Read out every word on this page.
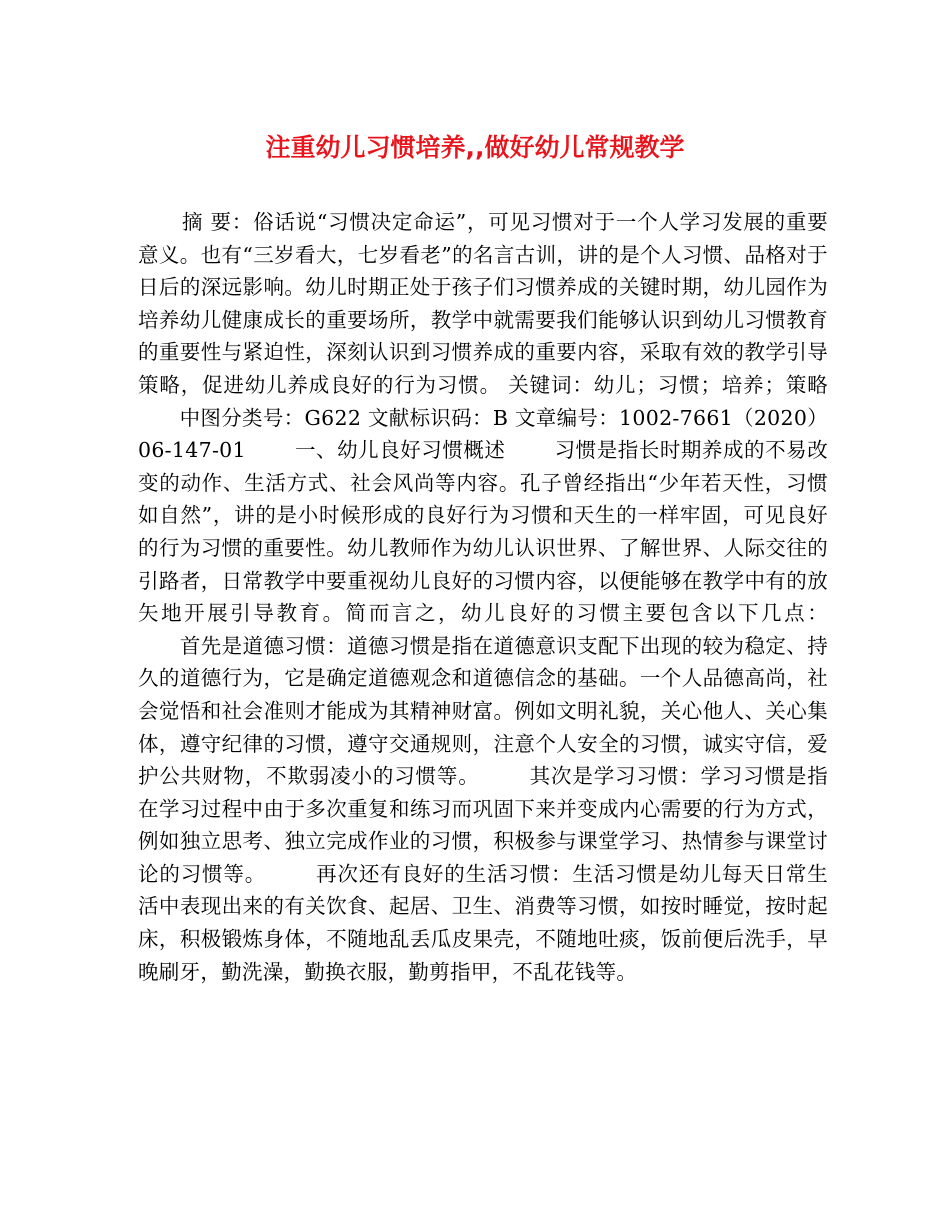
注重幼儿习惯培养,,做好幼儿常规教学

摘 要：俗话说“习惯决定命运”，可见习惯对于一个人学习发展的重要意义。也有“三岁看大，七岁看老”的名言古训，讲的是个人习惯、品格对于日后的深远影响。幼儿时期正处于孩子们习惯养成的关键时期，幼儿园作为培养幼儿健康成长的重要场所，教学中就需要我们能够认识到幼儿习惯教育的重要性与紧迫性，深刻认识到习惯养成的重要内容，采取有效的教学引导策略，促进幼儿养成良好的行为习惯。 关键词：幼儿；习惯；培养；策略 　　中图分类号：G622 文献标识码：B 文章编号：1002-7661（2020）06-147-01 　　一、幼儿良好习惯概述 　　习惯是指长时期养成的不易改变的动作、生活方式、社会风尚等内容。孔子曾经指出“少年若天性，习惯如自然”，讲的是小时候形成的良好行为习惯和天生的一样牢固，可见良好的行为习惯的重要性。幼儿教师作为幼儿认识世界、了解世界、人际交往的引路者，日常教学中要重视幼儿良好的习惯内容，以便能够在教学中有的放矢地开展引导教育。简而言之，幼儿良好的习惯主要包含以下几点： 　　首先是道德习惯：道德习惯是指在道德意识支配下出现的较为稳定、持久的道德行为，它是确定道德观念和道德信念的基础。一个人品德高尚，社会觉悟和社会准则才能成为其精神财富。例如文明礼貌，关心他人、关心集体，遵守纪律的习惯，遵守交通规则，注意个人安全的习惯，诚实守信，爱护公共财物，不欺弱凌小的习惯等。 　　其次是学习习惯：学习习惯是指在学习过程中由于多次重复和练习而巩固下来并变成内心需要的行为方式，例如独立思考、独立完成作业的习惯，积极参与课堂学习、热情参与课堂讨论的习惯等。 　　再次还有良好的生活习惯：生活习惯是幼儿每天日常生活中表现出来的有关饮食、起居、卫生、消费等习惯，如按时睡觉，按时起床，积极锻炼身体，不随地乱丢瓜皮果壳，不随地吐痰，饭前便后洗手，早晚刷牙，勤洗澡，勤换衣服，勤剪指甲，不乱花钱等。
